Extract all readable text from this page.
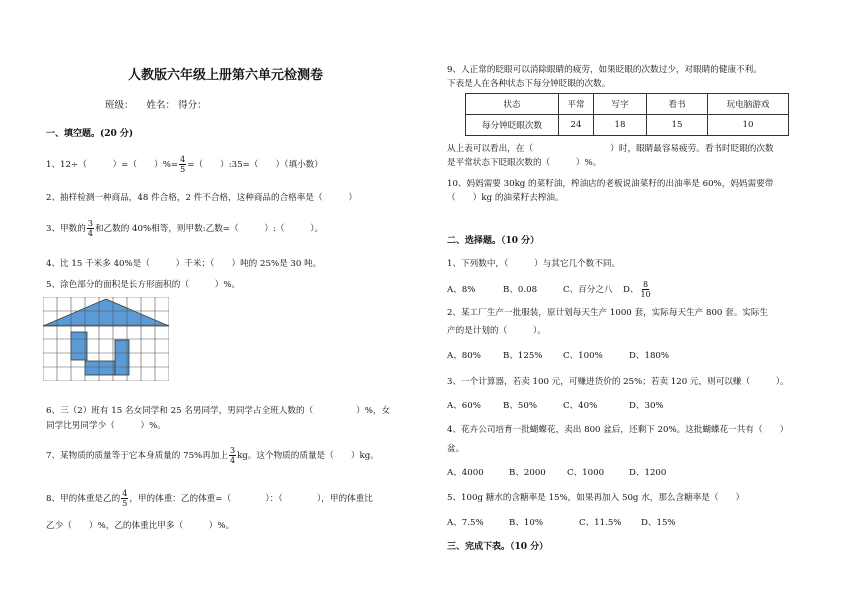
人教版六年级上册第六单元检测卷
班级： 姓名： 得分：
一、填空题。(20 分)
1、12÷（　　　）=（　　）%= $\frac{4}{5}$ =（　　）:35=（　　）（填小数）
2、抽样检测一种商品，48 件合格，2 件不合格，这种商品的合格率是（　　　）
3、甲数的 $\frac{3}{4}$ 和乙数的 40%相等，则甲数:乙数=（　　　）:（　　　）。
4、比 15 千米多 40%是（　　　）千米；（　　）吨的 25%是 30 吨。
5、涂色部分的面积是长方形面积的（　　　）%。
6、三（2）班有 15 名女同学和 25 名男同学，男同学占全班人数的（　　　　　）%，女
同学比男同学少（　　　）%。
7、某物质的质量等于它本身质量的 75%再加上 $\frac{3}{4}$ kg。这个物质的质量是（　　）kg。
8、甲的体重是乙的 $\frac{4}{5}$ ，甲的体重：乙的体重=（　　　　）：（　　　　），甲的体重比
乙少（　　）%，乙的体重比甲多（　　　）%。
9、人正常的眨眼可以消除眼睛的疲劳，如果眨眼的次数过少，对眼睛的健康不利。
下表是人在各种状态下每分钟眨眼的次数。
状态	平常	写字	看书	玩电脑游戏
每分钟眨眼次数	24	18	15	10
从上表可以看出，在（　　　　　　　　　）时，眼睛最容易疲劳。看书时眨眼的次数
是平常状态下眨眼次数的（　　　）%。
10、妈妈需要 30kg 的菜籽油，榨油店的老板说油菜籽的出油率是 60%，妈妈需要带
（　　）kg 的油菜籽去榨油。
二、选择题。（10 分）
1、下列数中，（　　　）与其它几个数不同。
A、8%	B、0.08	C、百分之八 D、 $\frac{8}{10}$
2、某工厂生产一批服装，原计划每天生产 1000 套，实际每天生产 800 套。实际生
产的是计划的（　　　）。
A、80%	B、125% C、100%	D、180%
3、一个计算器，若卖 100 元，可赚进货价的 25%；若卖 120 元，则可以赚（　　　）。
A、60%	B、50%	C、40%	D、30%
4、花卉公司培育一批蝴蝶花，卖出 800 盆后，还剩下 20%。这批蝴蝶花一共有（　　）
盆。
A、4000	B、2000 C、1000	D、1200
5、100g 糖水的含糖率是 15%，如果再加入 50g 水，那么含糖率是（　　）
A、7.5%	B、10%	C、11.5% D、15%
三、完成下表。（10 分）
